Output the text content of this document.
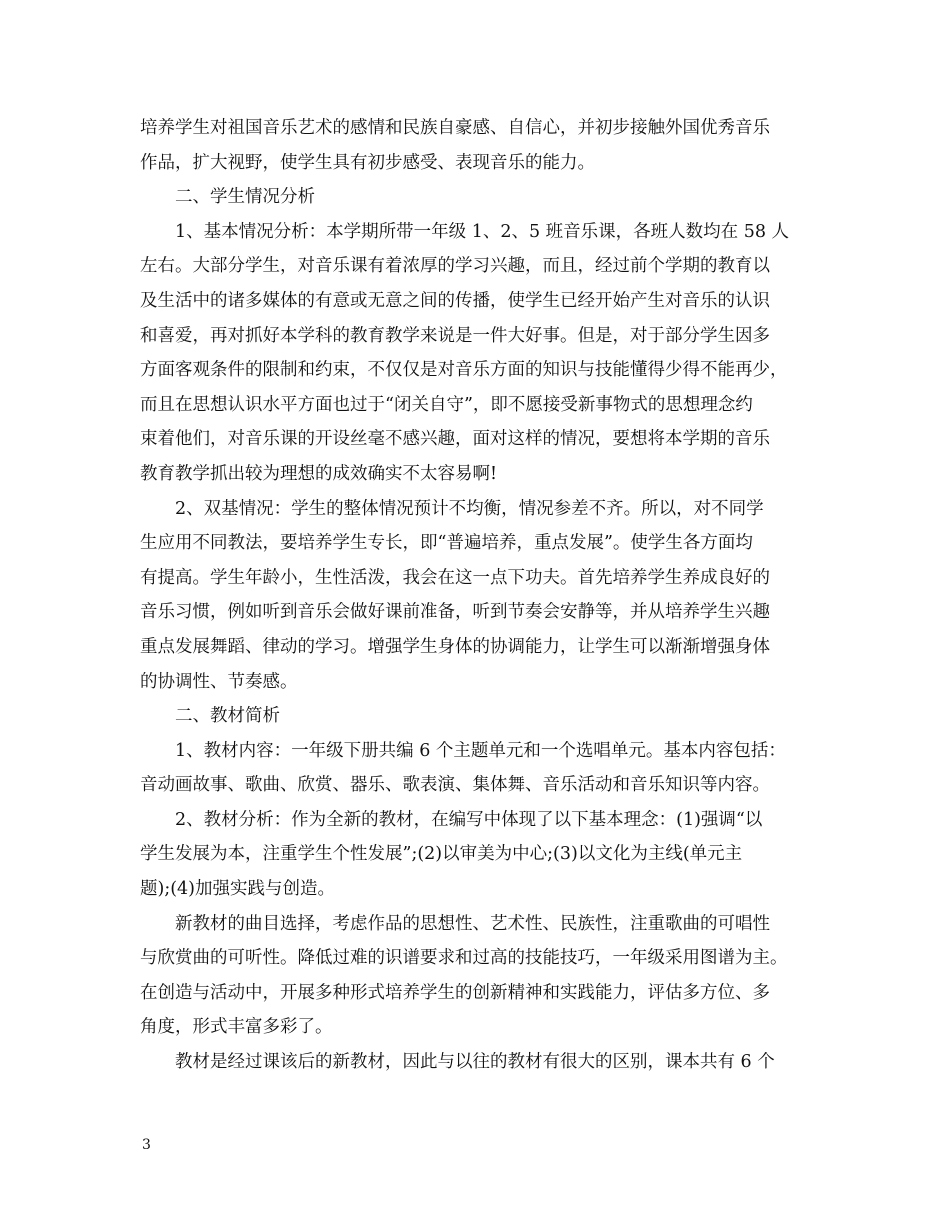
培养学生对祖国音乐艺术的感情和民族自豪感、自信心，并初步接触外国优秀音乐
作品，扩大视野，使学生具有初步感受、表现音乐的能力。
二、学生情况分析
1、基本情况分析：本学期所带一年级 1、2、5 班音乐课，各班人数均在 58 人
左右。大部分学生，对音乐课有着浓厚的学习兴趣，而且，经过前个学期的教育以
及生活中的诸多媒体的有意或无意之间的传播，使学生已经开始产生对音乐的认识
和喜爱，再对抓好本学科的教育教学来说是一件大好事。但是，对于部分学生因多
方面客观条件的限制和约束，不仅仅是对音乐方面的知识与技能懂得少得不能再少，
而且在思想认识水平方面也过于“闭关自守”，即不愿接受新事物式的思想理念约
束着他们，对音乐课的开设丝毫不感兴趣，面对这样的情况，要想将本学期的音乐
教育教学抓出较为理想的成效确实不太容易啊!
2、双基情况：学生的整体情况预计不均衡，情况参差不齐。所以，对不同学
生应用不同教法，要培养学生专长，即“普遍培养，重点发展”。使学生各方面均
有提高。学生年龄小，生性活泼，我会在这一点下功夫。首先培养学生养成良好的
音乐习惯，例如听到音乐会做好课前准备，听到节奏会安静等，并从培养学生兴趣
重点发展舞蹈、律动的学习。增强学生身体的协调能力，让学生可以渐渐增强身体
的协调性、节奏感。
二、教材简析
1、教材内容：一年级下册共编 6 个主题单元和一个选唱单元。基本内容包括：
音动画故事、歌曲、欣赏、器乐、歌表演、集体舞、音乐活动和音乐知识等内容。
2、教材分析：作为全新的教材，在编写中体现了以下基本理念：(1)强调“以
学生发展为本，注重学生个性发展”;(2)以审美为中心;(3)以文化为主线(单元主
题);(4)加强实践与创造。
新教材的曲目选择，考虑作品的思想性、艺术性、民族性，注重歌曲的可唱性
与欣赏曲的可听性。降低过难的识谱要求和过高的技能技巧，一年级采用图谱为主。
在创造与活动中，开展多种形式培养学生的创新精神和实践能力，评估多方位、多
角度，形式丰富多彩了。
教材是经过课该后的新教材，因此与以往的教材有很大的区别，课本共有 6 个
3
